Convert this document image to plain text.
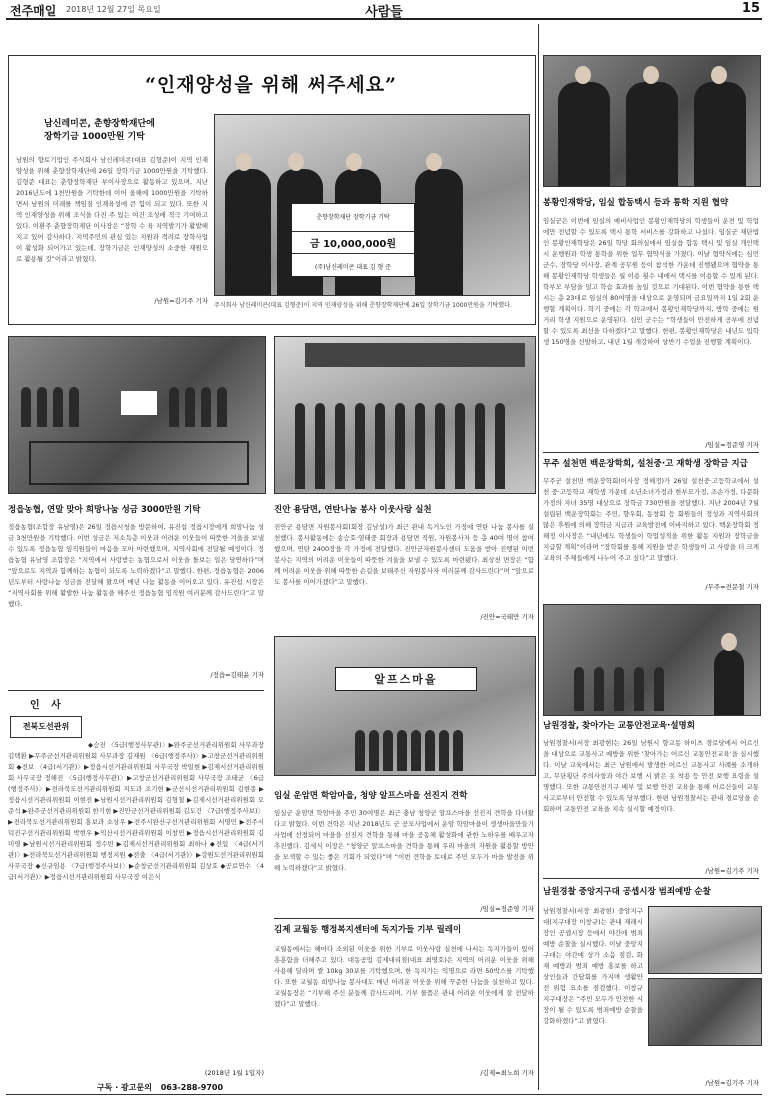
전주매일 2018년 12월 27일 목요일	사람들	15
“인재양성을 위해 써주세요”
남신레미콘, 춘향장학재단에
장학기금 1000만원 기탁
남원의 향토기업인 주식회사 남신레미콘(대표 김형준)이 지역 인재양성을 위해 춘향장학재단에 26일 장학기금 1000만원을 기탁했다. 김형준 대표는 춘향장학재단 부이사장으로 활동하고 있으며, 지난 2016년도에 1천만원을 기탁한데 이어 올해에 1000만원을 기탁하면서 남원의 미래를 책임질 인재육성에 큰 힘이 되고 있다. 또한 지역 인재양성을 위해 조식을 다진 주 있는 여건 조성에 적극 기여하고 있다. 이환주 춘향장학재단 이사장은 “장학 수 육 지역발기가 활발해지고 있어 감사하다. 지역주민의 관심 있는 지원과 격려로 장학사업이 활성화 되어가고 있는데, 장학기금은 인재양성의 소중한 재원으로 활용될 것”이라고 밝혔다.
/남원=김기주 기자
춘향장학재단 장학기금 기탁
금 10,000,000원
(주)남신레미콘 대표 김 형 준
주식회사 남신레미콘(대표 김형준)이 지역 인재양성을 위해 춘향장학재단에 26일 장학기금 1000만원을 기탁했다.
봉황인재학당, 임실 합동택시 등과 통학 지원 협약
임실군은 이번에 임실의 예비사업인 봉황인재학당의 학생들이 운전 및 학업에만 전념할 수 있도록 택시 통학 서비스를 강화하고 나섰다. 임실군 재단법인 봉황인재학당은 26일 학당 회의실에서 임실읍 합동 택시 및 임실 개인택시 운행원과 학생 통학을 위한 업무 협약식을 가졌다. 이날 협약식에는 심민 군수, 장학당 이사장, 관계 공무원 등이 참석한 가운데 진행됐으며 협약을 통해 봉황인재학당 학생들은 월 이용 횟수 내에서 택시를 이용할 수 있게 된다. 학부모 부담을 덜고 학습 효과를 높일 것으로 기대된다. 이번 협약을 통한 택시는 총 23대로 임실의 80여명을 대상으로 운영되며 금요일까지 1일 2회 운행할 계획이다. 학기 중에는 각 학교에서 봉황인재학당까지, 방학 중에는 원거리 학생 지원으로 운영된다. 심민 군수는 “학생들이 안전하게 공부에 전념할 수 있도록 최선을 다하겠다”고 말했다. 한편, 봉황인재학당은 내년도 입학생 150명을 선발하고, 내년 1월 개강하여 상반기 수업을 진행할 계획이다.
/임실=정준영 기자
무주 설천면 백운장학회, 설천중·고 재학생 장학금 지급
무주군 설천면 백운장학회(이사장 정해정)가 26일 설천중·고등학교에서 설천 중·고등학교 재학생 가운데 소년소녀가정과 한부모가정, 조손가정, 다문화가정의 자녀 35명 대상으로 장학금 730만원을 전달했다. 지난 2004년 7월 설립된 백운장학회는 주민, 향우회, 동창회 등 회원들의 정성과 지역사회의 많은 후원에 의해 장학금 지급과 교육발전에 이바지하고 있다. 백운장학회 정해정 이사장은 “내년에도 학생들이 학업성적을 위한 활동 지원과 장학금을 지급할 계획”이라며 “장학회를 통해 지원을 받은 학생들이 고 사랑을 더 크게 교육의 주체들에게 나누어 주고 싶다”고 말했다.
/무주=전문철 기자
남원경찰, 찾아가는 교통안전교육·설명회
남원경찰서(서장 최광현)는 26일 남원시 향교동 하이츠 경로당에서 어르신을 대상으로 교통사고 예방을 위한 ‘찾아가는 어르신 교통안전교육’을 실시했다. 이날 교육에서는 최근 남원에서 발생한 어르신 교통사고 사례를 소개하고, 무단횡단 주의사항과 야간 보행 시 밝은 옷 착용 등 안전 보행 요령을 설명했다. 또한 교통안전기구 배부 및 보행 안전 교육을 통해 어르신들이 교통사고로부터 안전할 수 있도록 당부했다. 한편 남원경찰서는 관내 경로당을 순회하며 교통안전 교육을 지속 실시할 예정이다.
/남원=김기주 기자
남원경찰 중앙지구대 공셉시장 범죄예방 순찰
남원경찰서(서장 최광현) 중앙지구대(지구대장 이창규)는 관내 재래시장인 공셉시장 등에서 야간에 범죄예방 순찰을 실시했다. 이날 중앙지구대는 야간에 상가 소음 점검, 화재 예방과 범죄 예방 홍보를 하고 상인들과 간담회를 가지며 생활안전 위험 요소를 점검했다. 이창규 지구대장은 “주민 모두가 안전한 시장이 될 수 있도록 범죄예방 순찰을 강화하겠다”고 밝혔다.
/남원=김기주 기자
정읍농협, 연말 맞아 희망나눔 성금 3000만원 기탁
정읍농협(조합장 유남영)은 26일 정읍시청을 방문하여, 유진섭 정읍시장에게 희망나눔 성금 3천만원을 기탁했다. 이번 성금은 저소득층 이웃과 어려운 이웃들이 따뜻한 겨울을 보낼 수 있도록 정읍농협 임직원들이 마음을 모아 마련했으며, 지역사회에 전달될 예정이다. 정읍농협 유남영 조합장은 “지역에서 사랑받는 농협으로서 이웃을 돌보는 일은 당연하다”며 “앞으로도 지역과 함께하는 농협이 되도록 노력하겠다”고 말했다. 한편, 정읍농협은 2006년도부터 사랑나눔 성금을 전달해 왔으며 매년 나눔 활동을 이어오고 있다. 유진섭 시장은 “지역사회를 위해 활발한 나눔 활동을 해주신 정읍농협 임직원 여러분께 감사드린다”고 말했다.
/정읍=김태윤 기자
진안 용담면, 연탄나눔 봉사 이웃사랑 실천
진안군 용담면 자원봉사회(회장 김남성)가 최근 관내 독거노인 가정에 연탄 나눔 봉사를 실천했다. 봉사활동에는 송승호·염태중 회장과 용담면 직원, 자원봉사자 등 총 40여 명이 참여했으며, 연탄 2400장을 각 가정에 전달했다. 진안군자원봉사센터 도움을 받아 진행된 이번 봉사는 지역의 어려운 이웃들이 따뜻한 겨울을 보낼 수 있도록 마련됐다. 최상천 면장은 “함께 어려운 이웃을 위해 따뜻한 손길을 보태주신 자원봉사자 여러분께 감사드린다”며 “앞으로도 봉사를 이어가겠다”고 말했다.
/진안=국태만 기자
알프스마을
임실 운암면 학암마을, 청양 알프스마을 선진지 견학
임실군 운암면 학암마을 주민 30여명은 최근 충남 청양군 알프스마을 선진지 견학을 다녀왔다고 밝혔다. 이번 견학은 지난 2018년도 군 공모사업에서 운암 학암마을이 생생마을만들기 사업에 선정되어 마을을 선진지 견학을 통해 마을 공동체 활성화에 관한 노하우를 배우고자 추진했다. 김세식 이장은 “청양군 알프스마을 견학을 통해 우리 마을의 자원을 활용할 방안을 모색할 수 있는 좋은 기회가 되었다”며 “이번 견학을 토대로 주민 모두가 마을 발전을 위해 노력하겠다”고 밝혔다.
/임실=정준영 기자
김제 교월동 행정복지센터에 독지가들 기부 릴레이
교월동에서는 해마다 소외된 이웃을 위한 기부로 이웃사랑 실천에 나서는 독지가들이 있어 훈훈함을 더해주고 있다. 대동공업 김제대리점(대표 최명호)은 지역의 어려운 이웃을 위해 사용해 달라며 쌀 10kg 30포를 기탁했으며, 한 독지가는 익명으로 라면 50박스를 기탁했다. 또한 교월동 희망나눔 봉사대도 매년 어려운 이웃을 위해 꾸준한 나눔을 실천하고 있다. 교월동장은 “기부해 주신 분들께 감사드리며, 기부 물품은 관내 어려운 이웃에게 잘 전달하겠다”고 말했다.
/김제=최노희 기자
인 사
전북도선관위
◆승진 〈5급(행정사무관)〉▶완주군선거관리위원회 사무과장 김택환 ▶무주군선거관리위원회 사무과장 김재원 〈6급(행정주사)〉▶고창군선거관리위원회 ◆전보 〈4급(서기관)〉▶정읍시선거관리위원회 사무국장 박일현 ▶김제시선거관리위원회 사무국장 정해진 〈5급(행정사무관)〉▶고창군선거관리위원회 사무국장 조태균 〈6급(행정주사)〉▶전라북도선거관리위원회 지도과 조기현 ▶군산시선거관리위원회 김현종 ▶정읍시선거관리위원회 이현진 ▶남원시선거관리위원회 김형철 ▶김제시선거관리위원회 오준석 ▶완주군선거관리위원회 한기현 ▶진안군선거관리위원회 김도건 〈7급(행정주사보)〉▶전라북도선거관리위원회 홍보과 소상우 ▶전주시완산구선거관리위원회 서영민 ▶전주시덕진구선거관리위원회 박현우 ▶익산시선거관리위원회 이창민 ▶정읍시선거관리위원회 김미영 ▶남원시선거관리위원회 정수빈 ▶김제시선거관리위원회 최하나 ◆전입 〈4급(서기관)〉▶전라북도선거관리위원회 행정지원 ◆전출 〈4급(서기관)〉▶강원도선거관리위원회 사무국장 ◆신규임용 〈7급(행정주사보)〉▶순창군선거관리위원회 김상호 ◆공로연수 〈4급(서기관)〉▶정읍시선거관리위원회 사무국장 이은식
(2018년 1월 1일자)
구독 · 광고문의 063-288-9700
